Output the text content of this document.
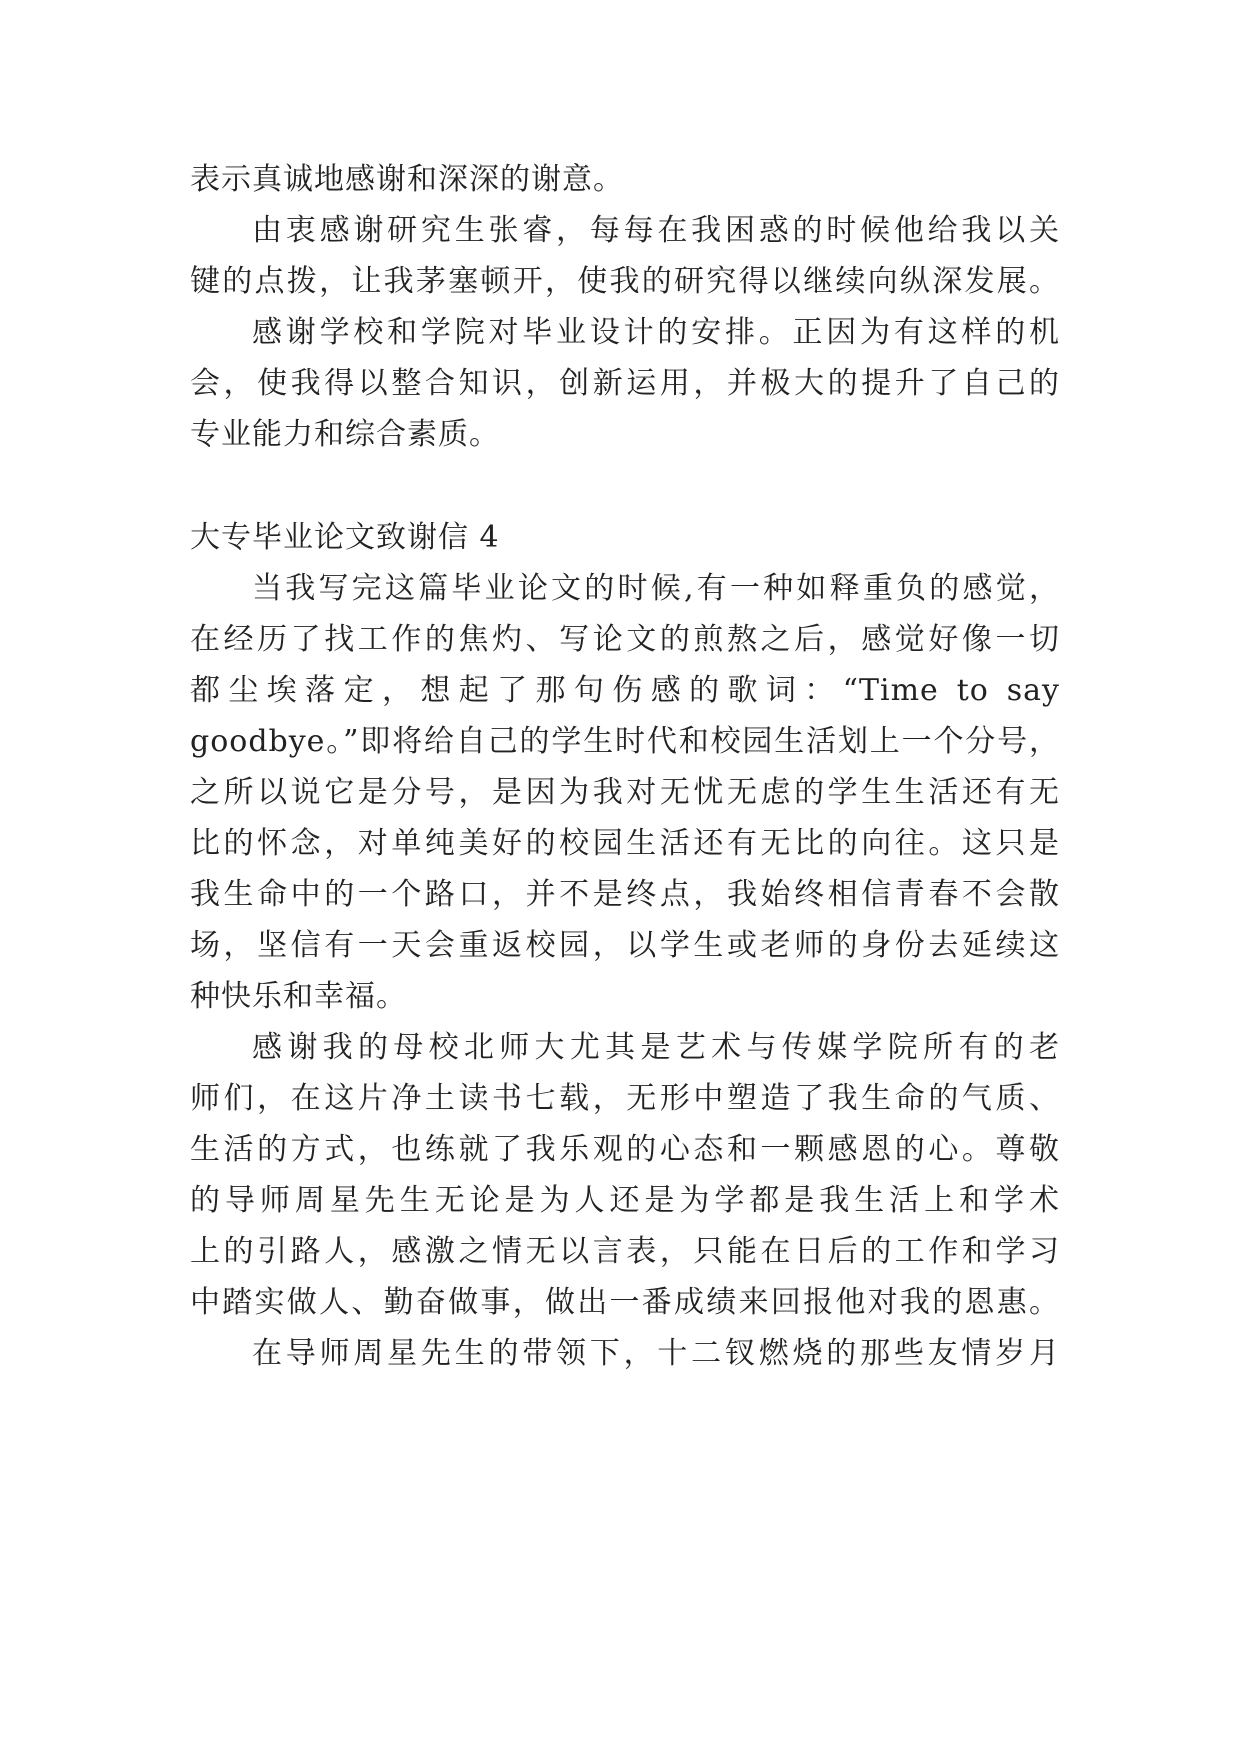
表示真诚地感谢和深深的谢意。
由衷感谢研究生张睿，每每在我困惑的时候他给我以关
键的点拨，让我茅塞顿开，使我的研究得以继续向纵深发展。
感谢学校和学院对毕业设计的安排。正因为有这样的机
会，使我得以整合知识，创新运用，并极大的提升了自己的
专业能力和综合素质。
大专毕业论文致谢信 4
当我写完这篇毕业论文的时候,有一种如释重负的感觉，
在经历了找工作的焦灼、写论文的煎熬之后，感觉好像一切
都尘埃落定，想起了那句伤感的歌词：“Time to say
goodbye。”即将给自己的学生时代和校园生活划上一个分号，
之所以说它是分号，是因为我对无忧无虑的学生生活还有无
比的怀念，对单纯美好的校园生活还有无比的向往。这只是
我生命中的一个路口，并不是终点，我始终相信青春不会散
场，坚信有一天会重返校园，以学生或老师的身份去延续这
种快乐和幸福。
感谢我的母校北师大尤其是艺术与传媒学院所有的老
师们，在这片净土读书七载，无形中塑造了我生命的气质、
生活的方式，也练就了我乐观的心态和一颗感恩的心。尊敬
的导师周星先生无论是为人还是为学都是我生活上和学术
上的引路人，感激之情无以言表，只能在日后的工作和学习
中踏实做人、勤奋做事，做出一番成绩来回报他对我的恩惠。
在导师周星先生的带领下，十二钗燃烧的那些友情岁月
